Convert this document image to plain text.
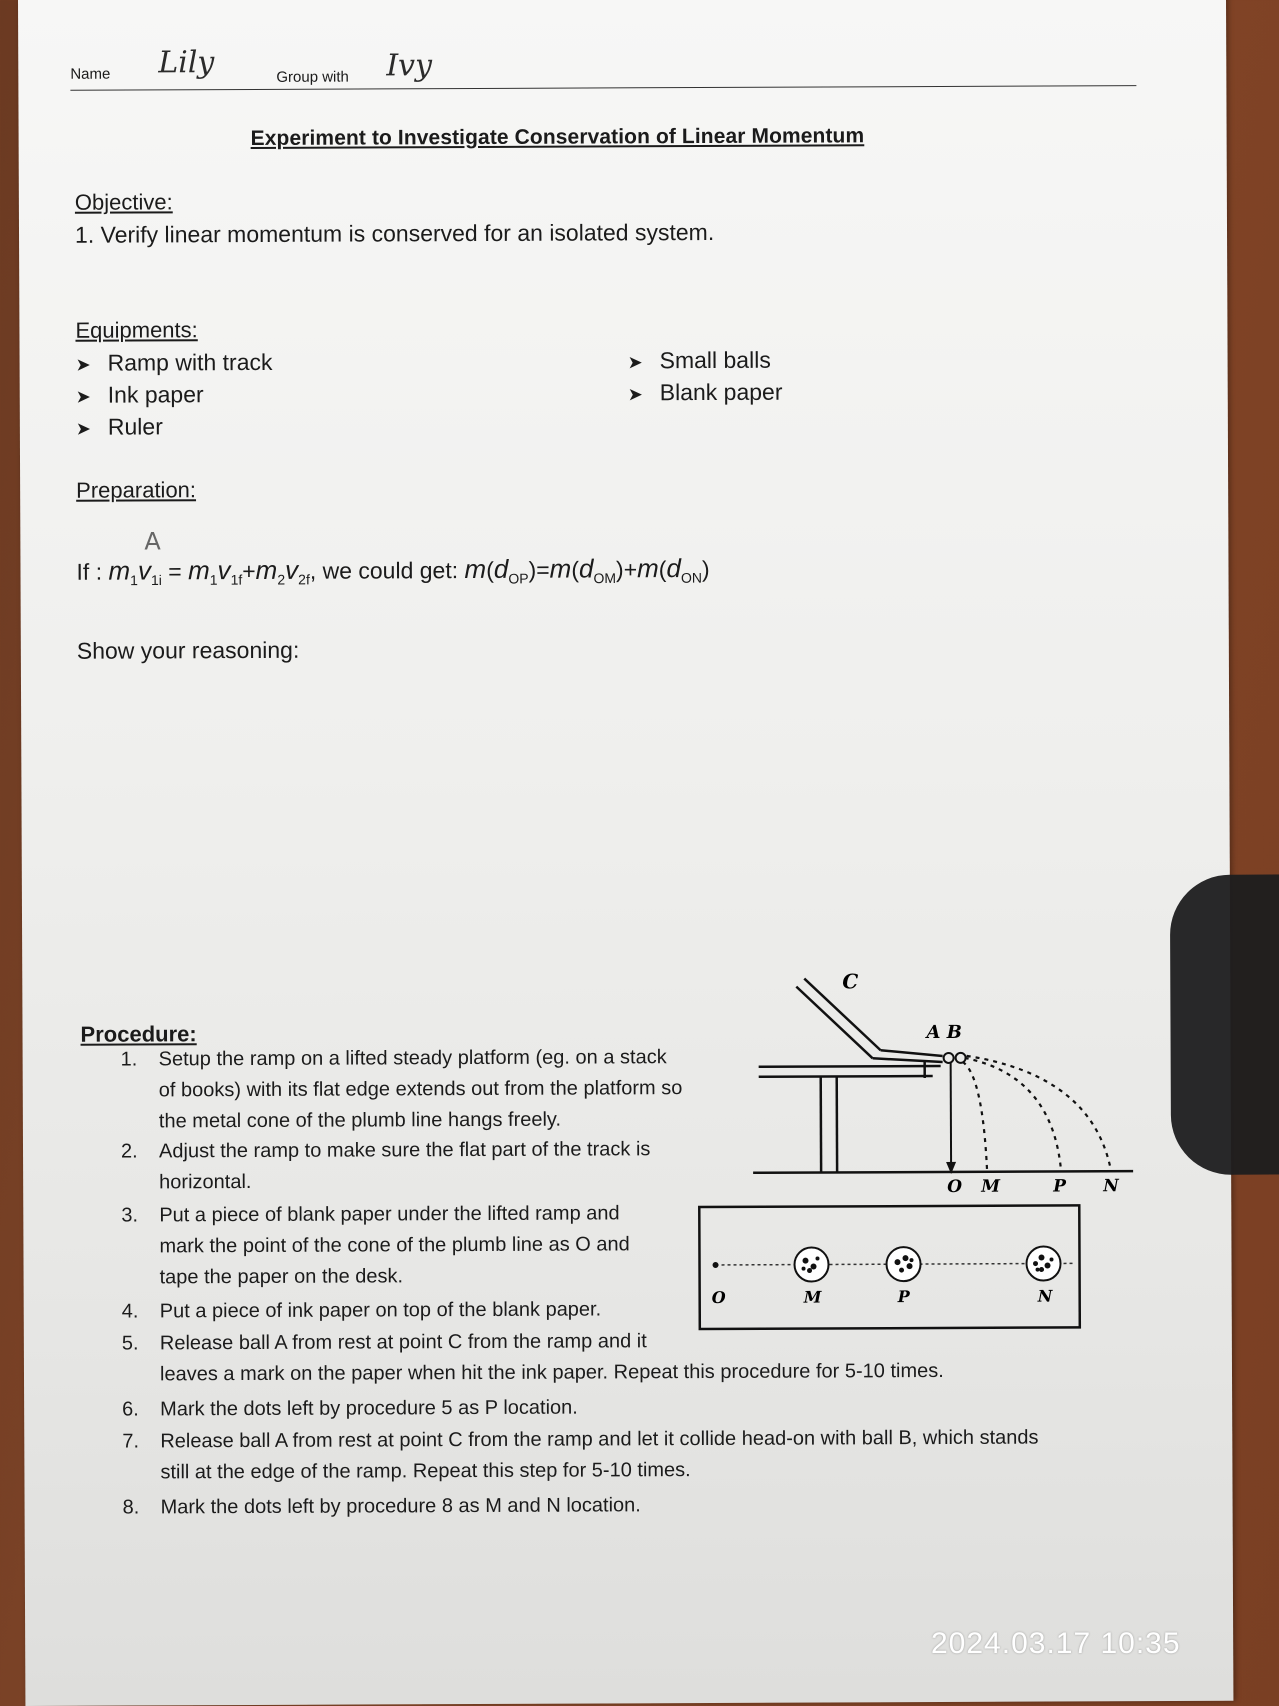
Name Lily	Group with Ivy
Experiment to Investigate Conservation of Linear Momentum
Objective:
1. Verify linear momentum is conserved for an isolated system.
Equipments:
➤ Ramp with track
➤ Ink paper
➤ Ruler
➤ Small balls
➤ Blank paper
Preparation:
A
If : $m_1v_{1i} = m_1v_{1f}+m_2v_{2f}$, we could get: $m(d_{OP})=m(d_{OM})+m(d_{ON})$
Show your reasoning:
Procedure:
1. Setup the ramp on a lifted steady platform (eg. on a stack
of books) with its flat edge extends out from the platform so
the metal cone of the plumb line hangs freely.
2. Adjust the ramp to make sure the flat part of the track is
horizontal.
3. Put a piece of blank paper under the lifted ramp and
mark the point of the cone of the plumb line as O and
tape the paper on the desk.
4. Put a piece of ink paper on top of the blank paper.
5. Release ball A from rest at point C from the ramp and it
leaves a mark on the paper when hit the ink paper. Repeat this procedure for 5-10 times.
6. Mark the dots left by procedure 5 as P location.
7. Release ball A from rest at point C from the ramp and let it collide head-on with ball B, which stands
still at the edge of the ramp. Repeat this step for 5-10 times.
8. Mark the dots left by procedure 8 as M and N location.
C
A B
O M	P N
O	M	P	N
2024.03.17 10:35
